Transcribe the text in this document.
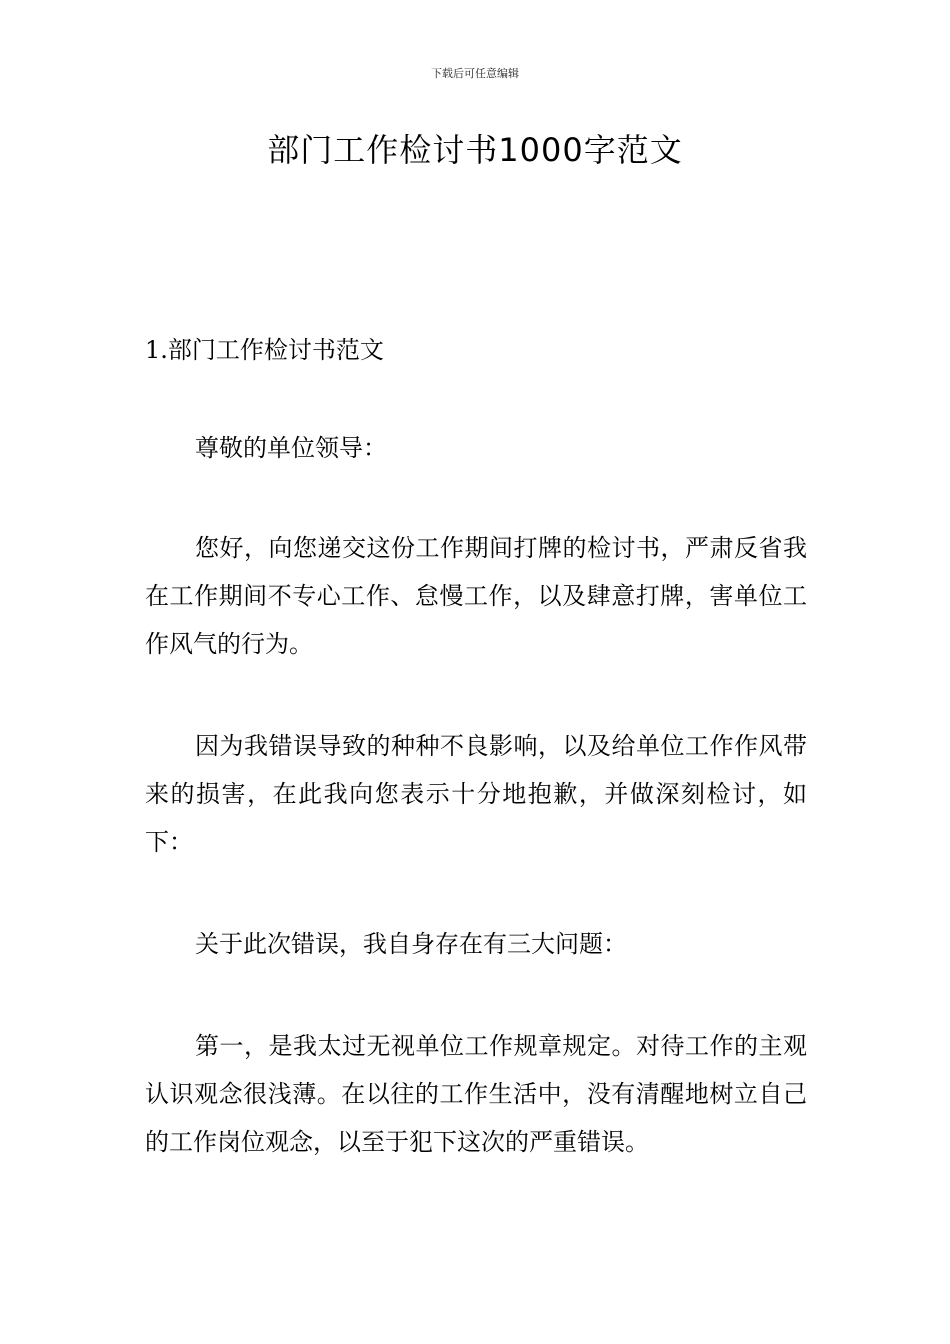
下载后可任意编辑
部门工作检讨书1000字范文

1.部门工作检讨书范文

尊敬的单位领导：

您好，向您递交这份工作期间打牌的检讨书，严肃反省我在工作期间不专心工作、怠慢工作，以及肆意打牌，害单位工作风气的行为。

因为我错误导致的种种不良影响，以及给单位工作作风带来的损害，在此我向您表示十分地抱歉，并做深刻检讨，如下：

关于此次错误，我自身存在有三大问题：

第一，是我太过无视单位工作规章规定。对待工作的主观认识观念很浅薄。在以往的工作生活中，没有清醒地树立自己的工作岗位观念，以至于犯下这次的严重错误。
